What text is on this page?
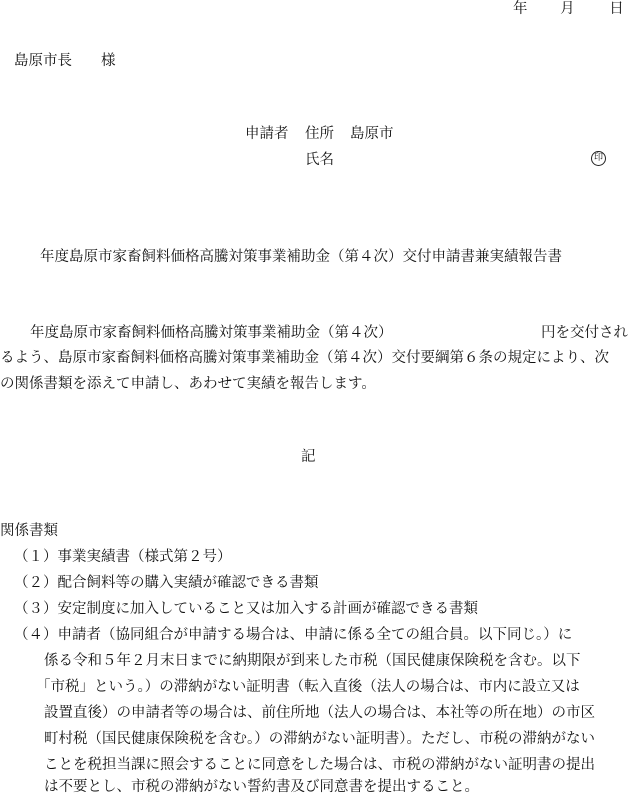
年 月 日
島原市長　　様
申請者 住所 島原市
氏名	印
年度島原市家畜飼料価格高騰対策事業補助金（第４次）交付申請書兼実績報告書
年度島原市家畜飼料価格高騰対策事業補助金（第４次）	円を交付され
るよう、島原市家畜飼料価格高騰対策事業補助金（第４次）交付要綱第６条の規定により、次
の関係書類を添えて申請し、あわせて実績を報告します。
記
関係書類
（１）事業実績書（様式第２号）
（２）配合飼料等の購入実績が確認できる書類
（３）安定制度に加入していること又は加入する計画が確認できる書類
（４）申請者（協同組合が申請する場合は、申請に係る全ての組合員。以下同じ。）に
係る令和５年２月末日までに納期限が到来した市税（国民健康保険税を含む。以下
「市税」という。）の滞納がない証明書（転入直後（法人の場合は、市内に設立又は
設置直後）の申請者等の場合は、前住所地（法人の場合は、本社等の所在地）の市区
町村税（国民健康保険税を含む。）の滞納がない証明書）。ただし、市税の滞納がない
ことを税担当課に照会することに同意をした場合は、市税の滞納がない証明書の提出
は不要とし、市税の滞納がない誓約書及び同意書を提出すること。
